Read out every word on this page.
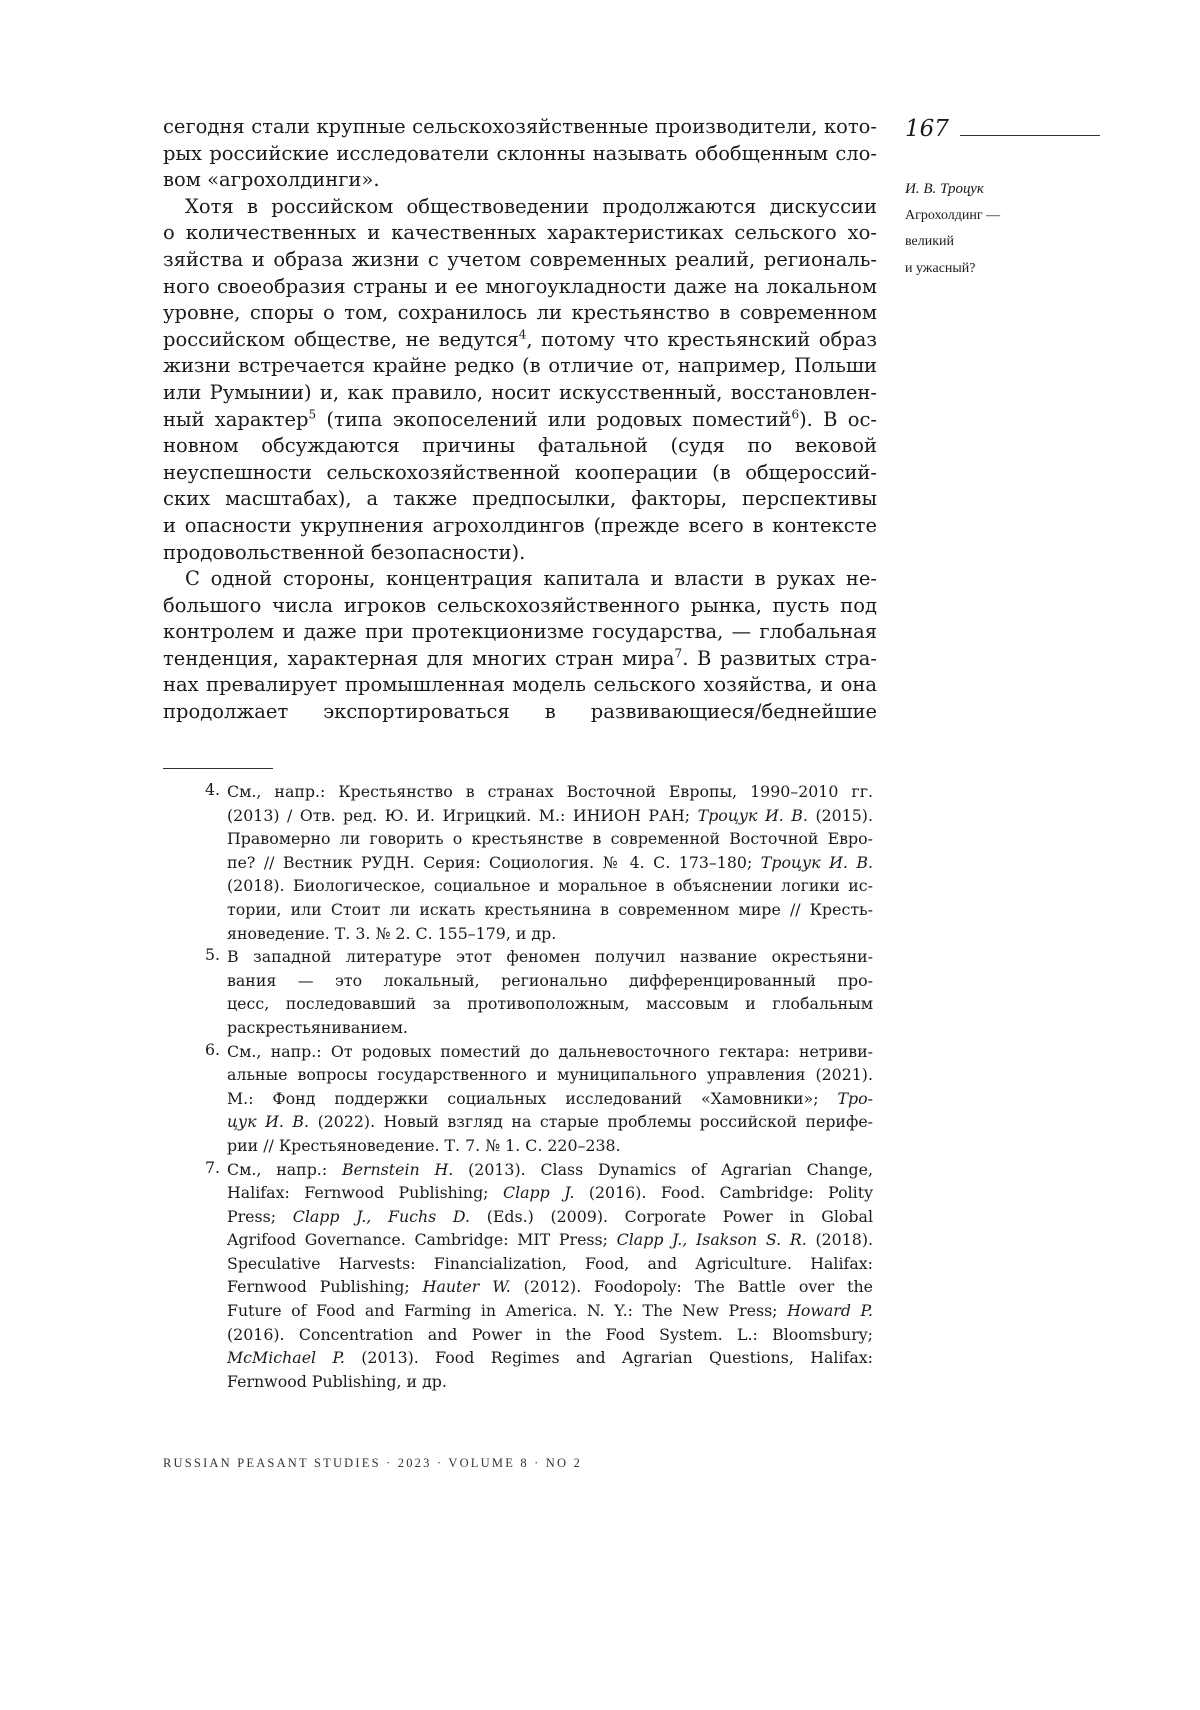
167
И. В. Троцук
Агрохолдинг —
великий
и ужасный?
сегодня стали крупные сельскохозяйственные производители, кото-
рых российские исследователи склонны называть обобщенным сло-
вом «агрохолдинги».
Хотя в российском обществоведении продолжаются дискуссии
о количественных и качественных характеристиках сельского хо-
зяйства и образа жизни с учетом современных реалий, региональ-
ного своеобразия страны и ее многоукладности даже на локальном
уровне, споры о том, сохранилось ли крестьянство в современном
российском обществе, не ведутся4, потому что крестьянский образ
жизни встречается крайне редко (в отличие от, например, Польши
или Румынии) и, как правило, носит искусственный, восстановлен-
ный характер5 (типа экопоселений или родовых поместий6). В ос-
новном обсуждаются причины фатальной (судя по вековой
неуспешности сельскохозяйственной кооперации (в общероссий-
ских масштабах), а также предпосылки, факторы, перспективы
и опасности укрупнения агрохолдингов (прежде всего в контексте
продовольственной безопасности).
С одной стороны, концентрация капитала и власти в руках не-
большого числа игроков сельскохозяйственного рынка, пусть под
контролем и даже при протекционизме государства, — глобальная
тенденция, характерная для многих стран мира7. В развитых стра-
нах превалирует промышленная модель сельского хозяйства, и она
продолжает экспортироваться в развивающиеся/беднейшие
4. См., напр.: Крестьянство в странах Восточной Европы, 1990–2010 гг.
(2013) / Отв. ред. Ю. И. Игрицкий. М.: ИНИОН РАН; Троцук И. В. (2015).
Правомерно ли говорить о крестьянстве в современной Восточной Евро-
пе? // Вестник РУДН. Серия: Социология. № 4. С. 173–180; Троцук И. В.
(2018). Биологическое, социальное и моральное в объяснении логики ис-
тории, или Стоит ли искать крестьянина в современном мире // Кресть-
яноведение. Т. 3. № 2. С. 155–179, и др.
5. В западной литературе этот феномен получил название окрестьяни-
вания — это локальный, регионально дифференцированный про-
цесс, последовавший за противоположным, массовым и глобальным
раскрестьяниванием.
6. См., напр.: От родовых поместий до дальневосточного гектара: нетриви-
альные вопросы государственного и муниципального управления (2021).
М.: Фонд поддержки социальных исследований «Хамовники»; Тро-
цук И. В. (2022). Новый взгляд на старые проблемы российской перифе-
рии // Крестьяноведение. Т. 7. № 1. С. 220–238.
7. См., напр.: Bernstein H. (2013). Class Dynamics of Agrarian Change,
Halifax: Fernwood Publishing; Clapp J. (2016). Food. Cambridge: Polity
Press; Clapp J., Fuchs D. (Eds.) (2009). Corporate Power in Global
Agrifood Governance. Cambridge: MIT Press; Clapp J., Isakson S. R. (2018).
Speculative Harvests: Financialization, Food, and Agriculture. Halifax:
Fernwood Publishing; Hauter W. (2012). Foodopoly: The Battle over the
Future of Food and Farming in America. N. Y.: The New Press; Howard P.
(2016). Concentration and Power in the Food System. L.: Bloomsbury;
McMichael P. (2013). Food Regimes and Agrarian Questions, Halifax:
Fernwood Publishing, и др.
RUSSIAN PEASANT STUDIES · 2023 · VOLUME 8 · NO 2
